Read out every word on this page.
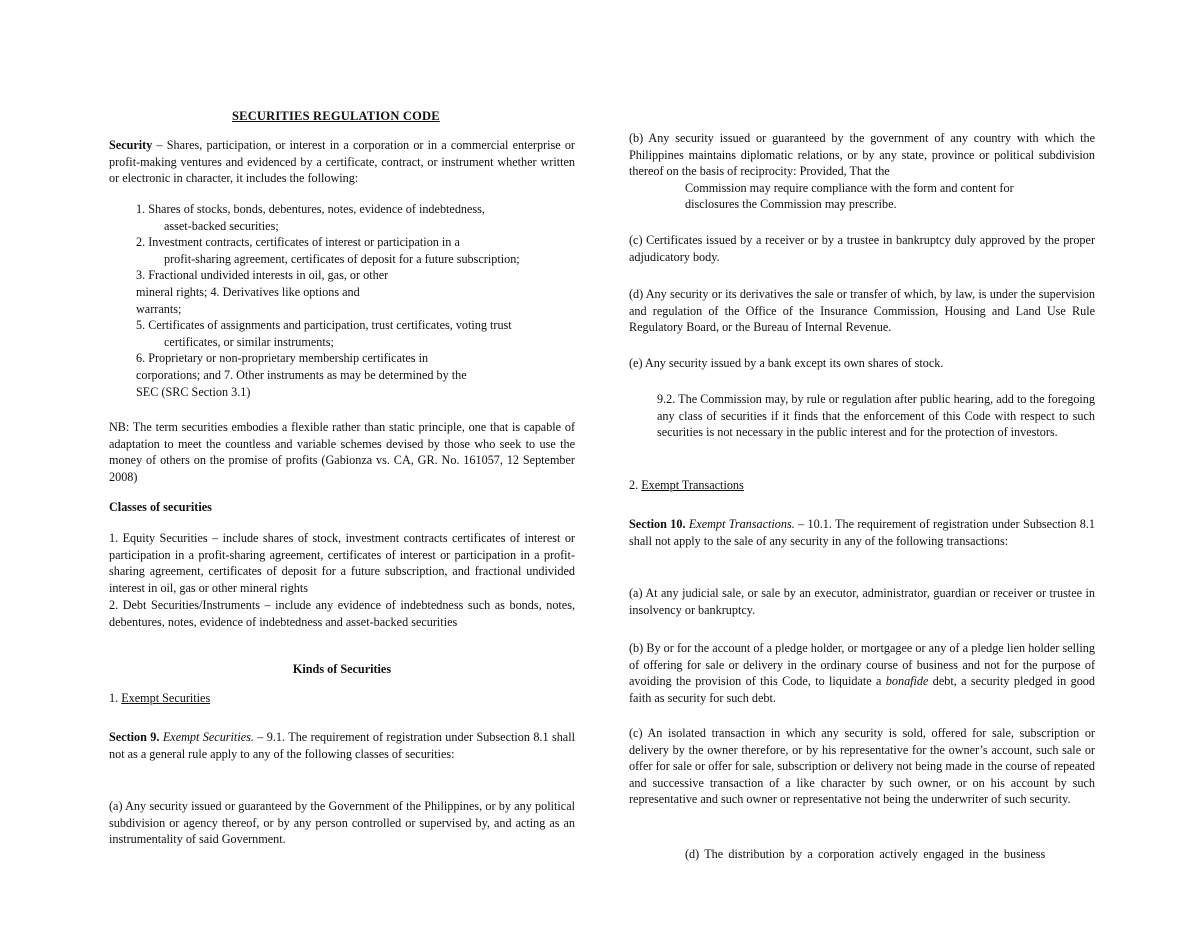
SECURITIES REGULATION CODE

Security – Shares, participation, or interest in a corporation or in a commercial enterprise or profit-making ventures and evidenced by a certificate, contract, or instrument whether written or electronic in character, it includes the following:

1. Shares of stocks, bonds, debentures, notes, evidence of indebtedness,
asset-backed securities;
2. Investment contracts, certificates of interest or participation in a
profit-sharing agreement, certificates of deposit for a future subscription;
3. Fractional undivided interests in oil, gas, or other
mineral rights; 4. Derivatives like options and
warrants;
5. Certificates of assignments and participation, trust certificates, voting trust
certificates, or similar instruments;
6. Proprietary or non-proprietary membership certificates in
corporations; and 7. Other instruments as may be determined by the
SEC (SRC Section 3.1)

NB: The term securities embodies a flexible rather than static principle, one that is capable of adaptation to meet the countless and variable schemes devised by those who seek to use the money of others on the promise of profits (Gabionza vs. CA, GR. No. 161057, 12 September 2008)

Classes of securities

1. Equity Securities – include shares of stock, investment contracts certificates of interest or participation in a profit-sharing agreement, certificates of interest or participation in a profit-sharing agreement, certificates of deposit for a future subscription, and fractional undivided interest in oil, gas or other mineral rights

2. Debt Securities/Instruments – include any evidence of indebtedness such as bonds, notes, debentures, notes, evidence of indebtedness and asset-backed securities

Kinds of Securities

1. Exempt Securities

Section 9. Exempt Securities. – 9.1. The requirement of registration under Subsection 8.1 shall not as a general rule apply to any of the following classes of securities:

(a) Any security issued or guaranteed by the Government of the Philippines, or by any political subdivision or agency thereof, or by any person controlled or supervised by, and acting as an instrumentality of said Government.

(b) Any security issued or guaranteed by the government of any country with which the Philippines maintains diplomatic relations, or by any state, province or political subdivision thereof on the basis of reciprocity: Provided, That the

Commission may require compliance with the form and content for

disclosures the Commission may prescribe.

(c) Certificates issued by a receiver or by a trustee in bankruptcy duly approved by the proper adjudicatory body.

(d) Any security or its derivatives the sale or transfer of which, by law, is under the supervision and regulation of the Office of the Insurance Commission, Housing and Land Use Rule Regulatory Board, or the Bureau of Internal Revenue.

(e) Any security issued by a bank except its own shares of stock.

9.2. The Commission may, by rule or regulation after public hearing, add to the foregoing any class of securities if it finds that the enforcement of this Code with respect to such securities is not necessary in the public interest and for the protection of investors.

2. Exempt Transactions

Section 10. Exempt Transactions. – 10.1. The requirement of registration under Subsection 8.1 shall not apply to the sale of any security in any of the following transactions:

(a) At any judicial sale, or sale by an executor, administrator, guardian or receiver or trustee in insolvency or bankruptcy.

(b) By or for the account of a pledge holder, or mortgagee or any of a pledge lien holder selling of offering for sale or delivery in the ordinary course of business and not for the purpose of avoiding the provision of this Code, to liquidate a bonafide debt, a security pledged in good faith as security for such debt.

(c) An isolated transaction in which any security is sold, offered for sale, subscription or delivery by the owner therefore, or by his representative for the owner’s account, such sale or offer for sale or offer for sale, subscription or delivery not being made in the course of repeated and successive transaction of a like character by such owner, or on his account by such representative and such owner or representative not being the underwriter of such security.

(d) The distribution by a corporation actively engaged in the business
